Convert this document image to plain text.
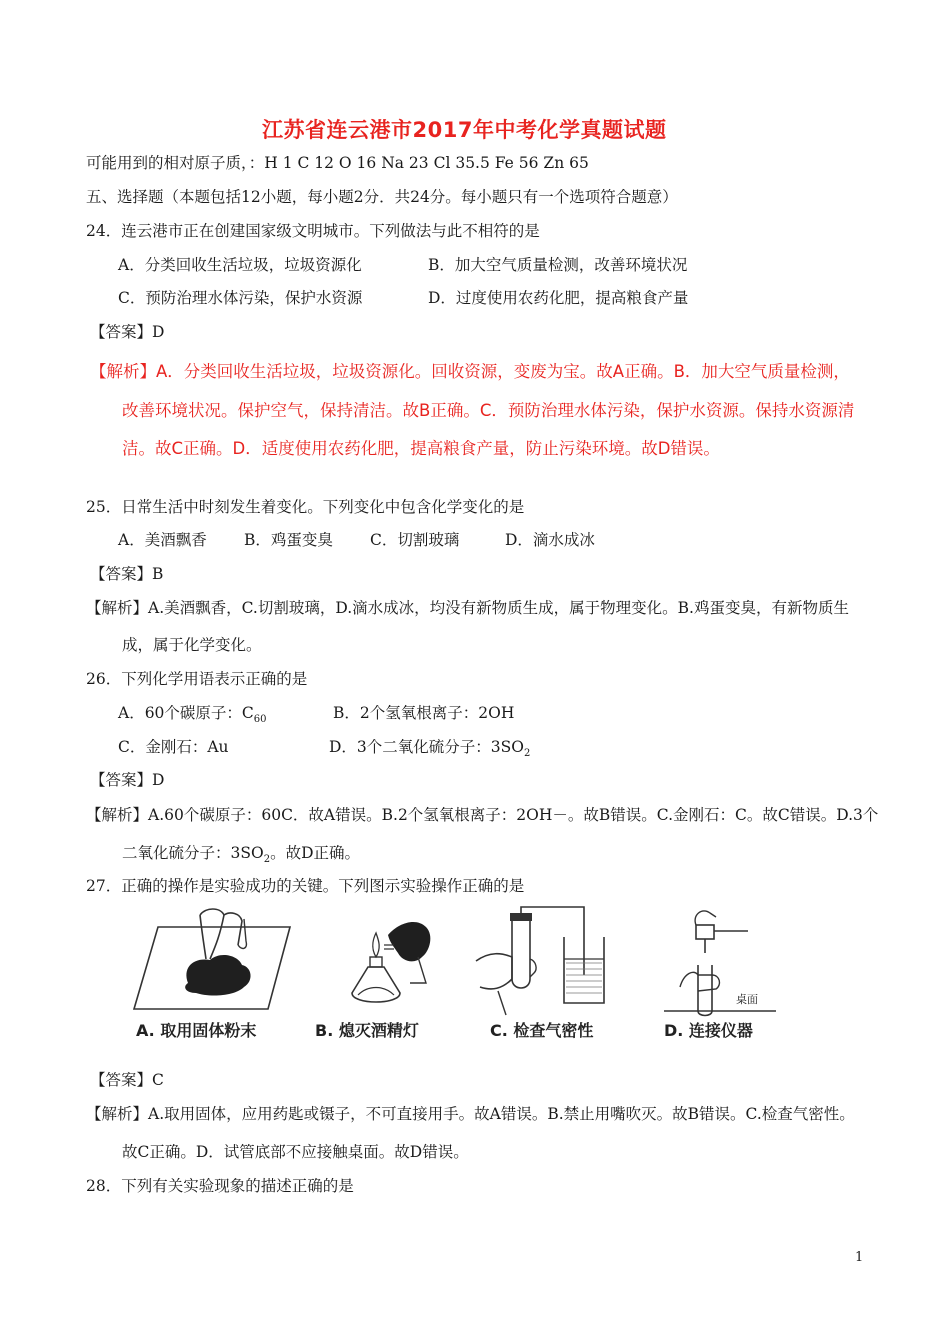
江苏省连云港市2017年中考化学真题试题
可能用到的相对原子质，：H 1 C 12 O 16 Na 23 Cl 35.5 Fe 56 Zn 65
五、选择题（本题包括12小题，每小题2分．共24分。每小题只有一个选项符合题意）
24．连云港市正在创建国家级文明城市。下列做法与此不相符的是
A．分类回收生活垃圾，垃圾资源化	B．加大空气质量检测，改善环境状况
C．预防治理水体污染，保护水资源	D．过度使用农药化肥，提高粮食产量
【答案】D
【解析】A．分类回收生活垃圾，垃圾资源化。回收资源，变废为宝。故A正确。B．加大空气质量检测，
改善环境状况。保护空气，保持清洁。故B正确。C．预防治理水体污染，保护水资源。保持水资源清
洁。故C正确。D．适度使用农药化肥，提高粮食产量，防止污染环境。故D错误。
25．日常生活中时刻发生着变化。下列变化中包含化学变化的是
A．美酒飘香 B．鸡蛋变臭 C．切割玻璃	D．滴水成冰
【答案】B
【解析】A.美酒飘香，C.切割玻璃，D.滴水成冰，均没有新物质生成，属于物理变化。B.鸡蛋变臭，有新物质生
成，属于化学变化。
26．下列化学用语表示正确的是
A．60个碳原子：$C_{60}$	B．2个氢氧根离子：2OH
C．金刚石：Au	D．3个二氧化硫分子：$3SO_2$
【答案】D
【解析】A.60个碳原子：60C．故A错误。B.2个氢氧根离子：2OH－。故B错误。C.金刚石：C。故C错误。D.3个
二氧化硫分子：$3SO_2$。故D正确。
27．正确的操作是实验成功的关键。下列图示实验操作正确的是
A. 取用固体粉末	B. 熄灭酒精灯	C. 检查气密性
桌面
D. 连接仪器
【答案】C
【解析】A.取用固体，应用药匙或镊子，不可直接用手。故A错误。B.禁止用嘴吹灭。故B错误。C.检查气密性。
故C正确。D．试管底部不应接触桌面。故D错误。
28．下列有关实验现象的描述正确的是
1
